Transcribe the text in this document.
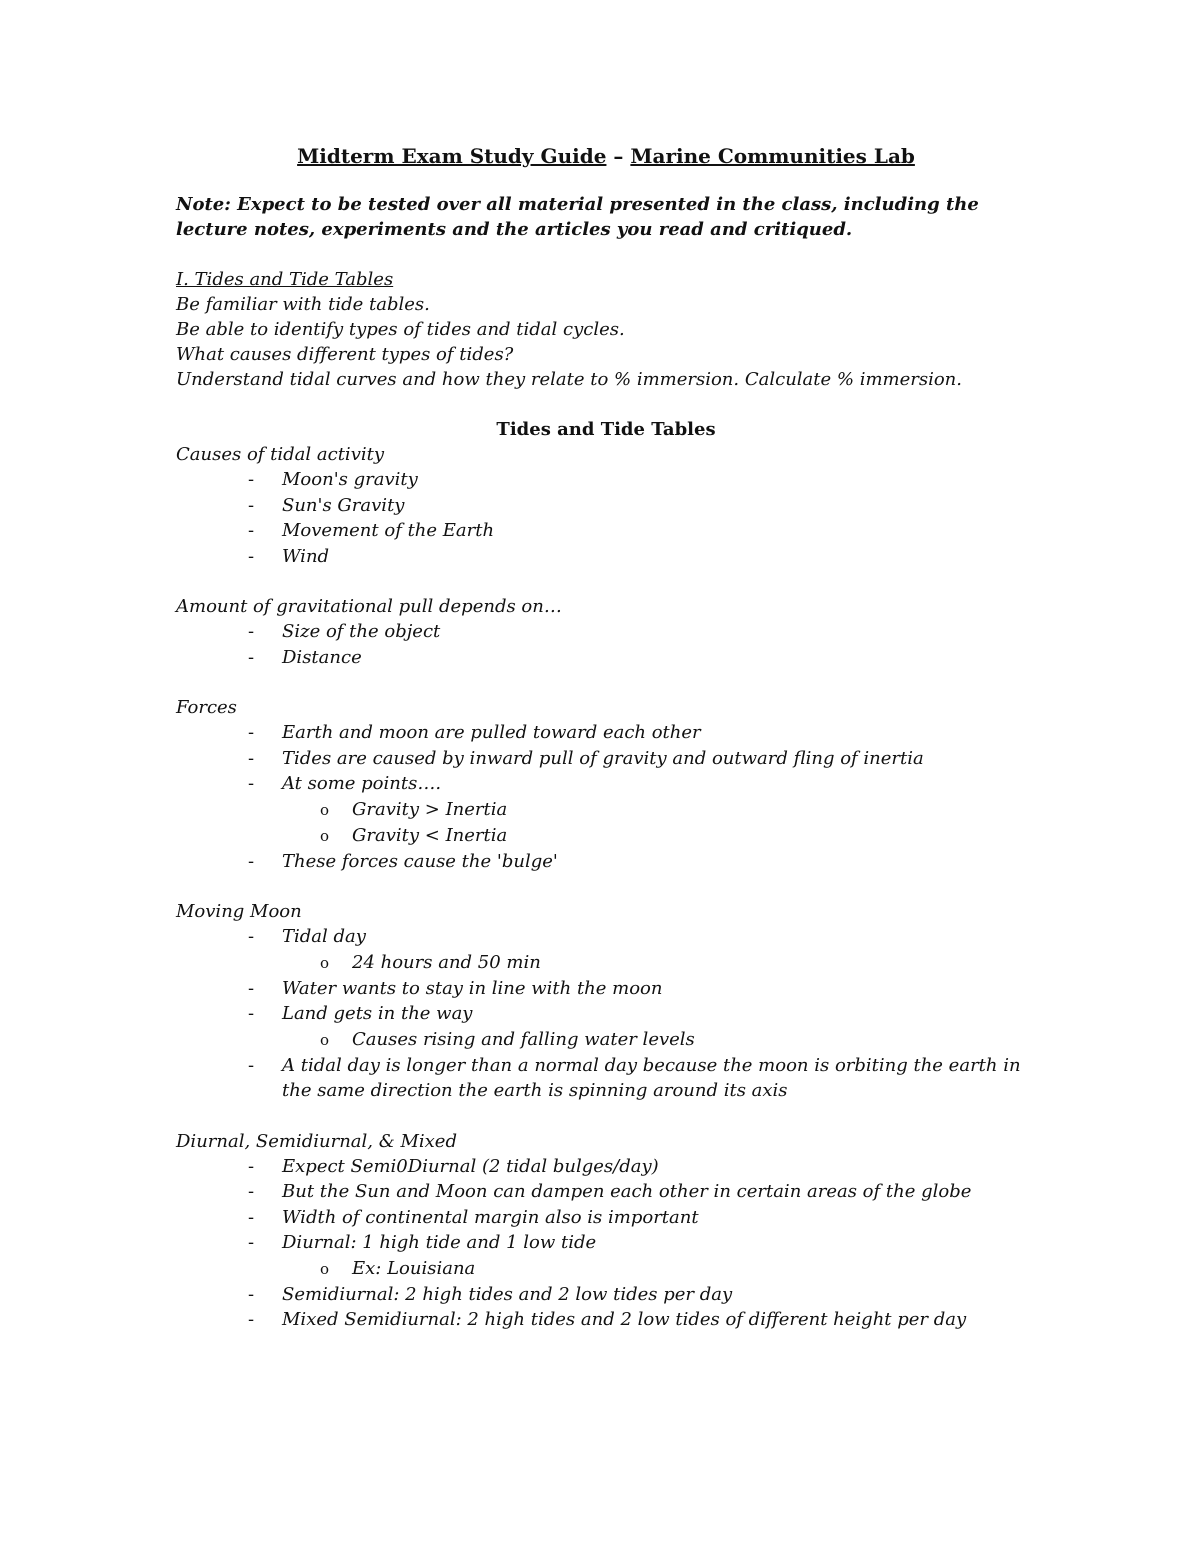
Midterm Exam Study Guide – Marine Communities Lab
Note: Expect to be tested over all material presented in the class, including the lecture notes, experiments and the articles you read and critiqued.
I. Tides and Tide Tables
Be familiar with tide tables.
Be able to identify types of tides and tidal cycles.
What causes different types of tides?
Understand tidal curves and how they relate to % immersion. Calculate % immersion.
Tides and Tide Tables
Causes of tidal activity
- Moon's gravity
- Sun's Gravity
- Movement of the Earth
- Wind
Amount of gravitational pull depends on…
- Size of the object
- Distance
Forces
- Earth and moon are pulled toward each other
- Tides are caused by inward pull of gravity and outward fling of inertia
- At some points….
o Gravity > Inertia
o Gravity < Inertia
- These forces cause the 'bulge'
Moving Moon
- Tidal day
o 24 hours and 50 min
- Water wants to stay in line with the moon
- Land gets in the way
o Causes rising and falling water levels
- A tidal day is longer than a normal day because the moon is orbiting the earth in the same direction the earth is spinning around its axis
Diurnal, Semidiurnal, & Mixed
- Expect Semi0Diurnal (2 tidal bulges/day)
- But the Sun and Moon can dampen each other in certain areas of the globe
- Width of continental margin also is important
- Diurnal: 1 high tide and 1 low tide
o Ex: Louisiana
- Semidiurnal: 2 high tides and 2 low tides per day
- Mixed Semidiurnal: 2 high tides and 2 low tides of different height per day
